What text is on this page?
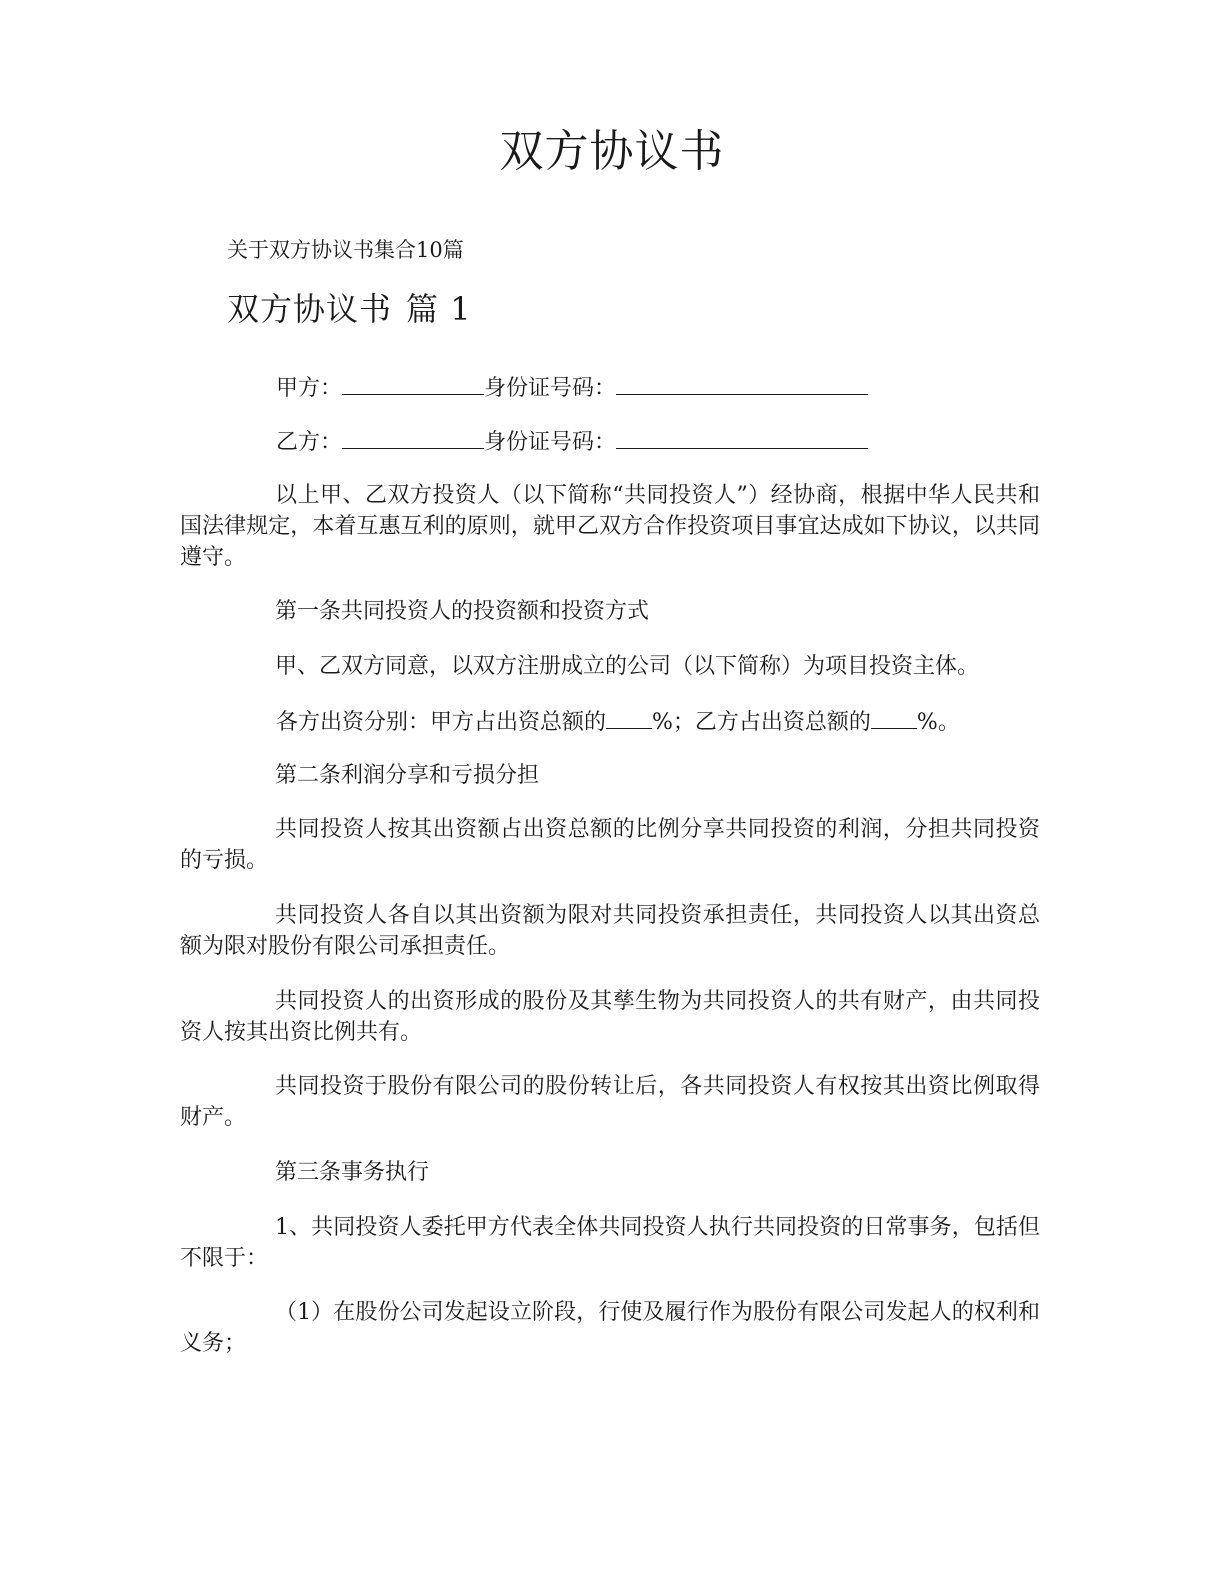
双方协议书
关于双方协议书集合10篇
双方协议书 篇 1
甲方：	身份证号码：
乙方：	身份证号码：
以上甲、乙双方投资人（以下简称“共同投资人”）经协商，根据中华人民共和国法律规定，本着互惠互利的原则，就甲乙双方合作投资项目事宜达成如下协议，以共同遵守。
第一条共同投资人的投资额和投资方式
甲、乙双方同意，以双方注册成立的公司（以下简称）为项目投资主体。
各方出资分别：甲方占出资总额的 %；乙方占出资总额的 %。
第二条利润分享和亏损分担
共同投资人按其出资额占出资总额的比例分享共同投资的利润，分担共同投资的亏损。
共同投资人各自以其出资额为限对共同投资承担责任，共同投资人以其出资总额为限对股份有限公司承担责任。
共同投资人的出资形成的股份及其孳生物为共同投资人的共有财产，由共同投资人按其出资比例共有。
共同投资于股份有限公司的股份转让后，各共同投资人有权按其出资比例取得财产。
第三条事务执行
1、共同投资人委托甲方代表全体共同投资人执行共同投资的日常事务，包括但不限于：
（1）在股份公司发起设立阶段，行使及履行作为股份有限公司发起人的权利和义务；
